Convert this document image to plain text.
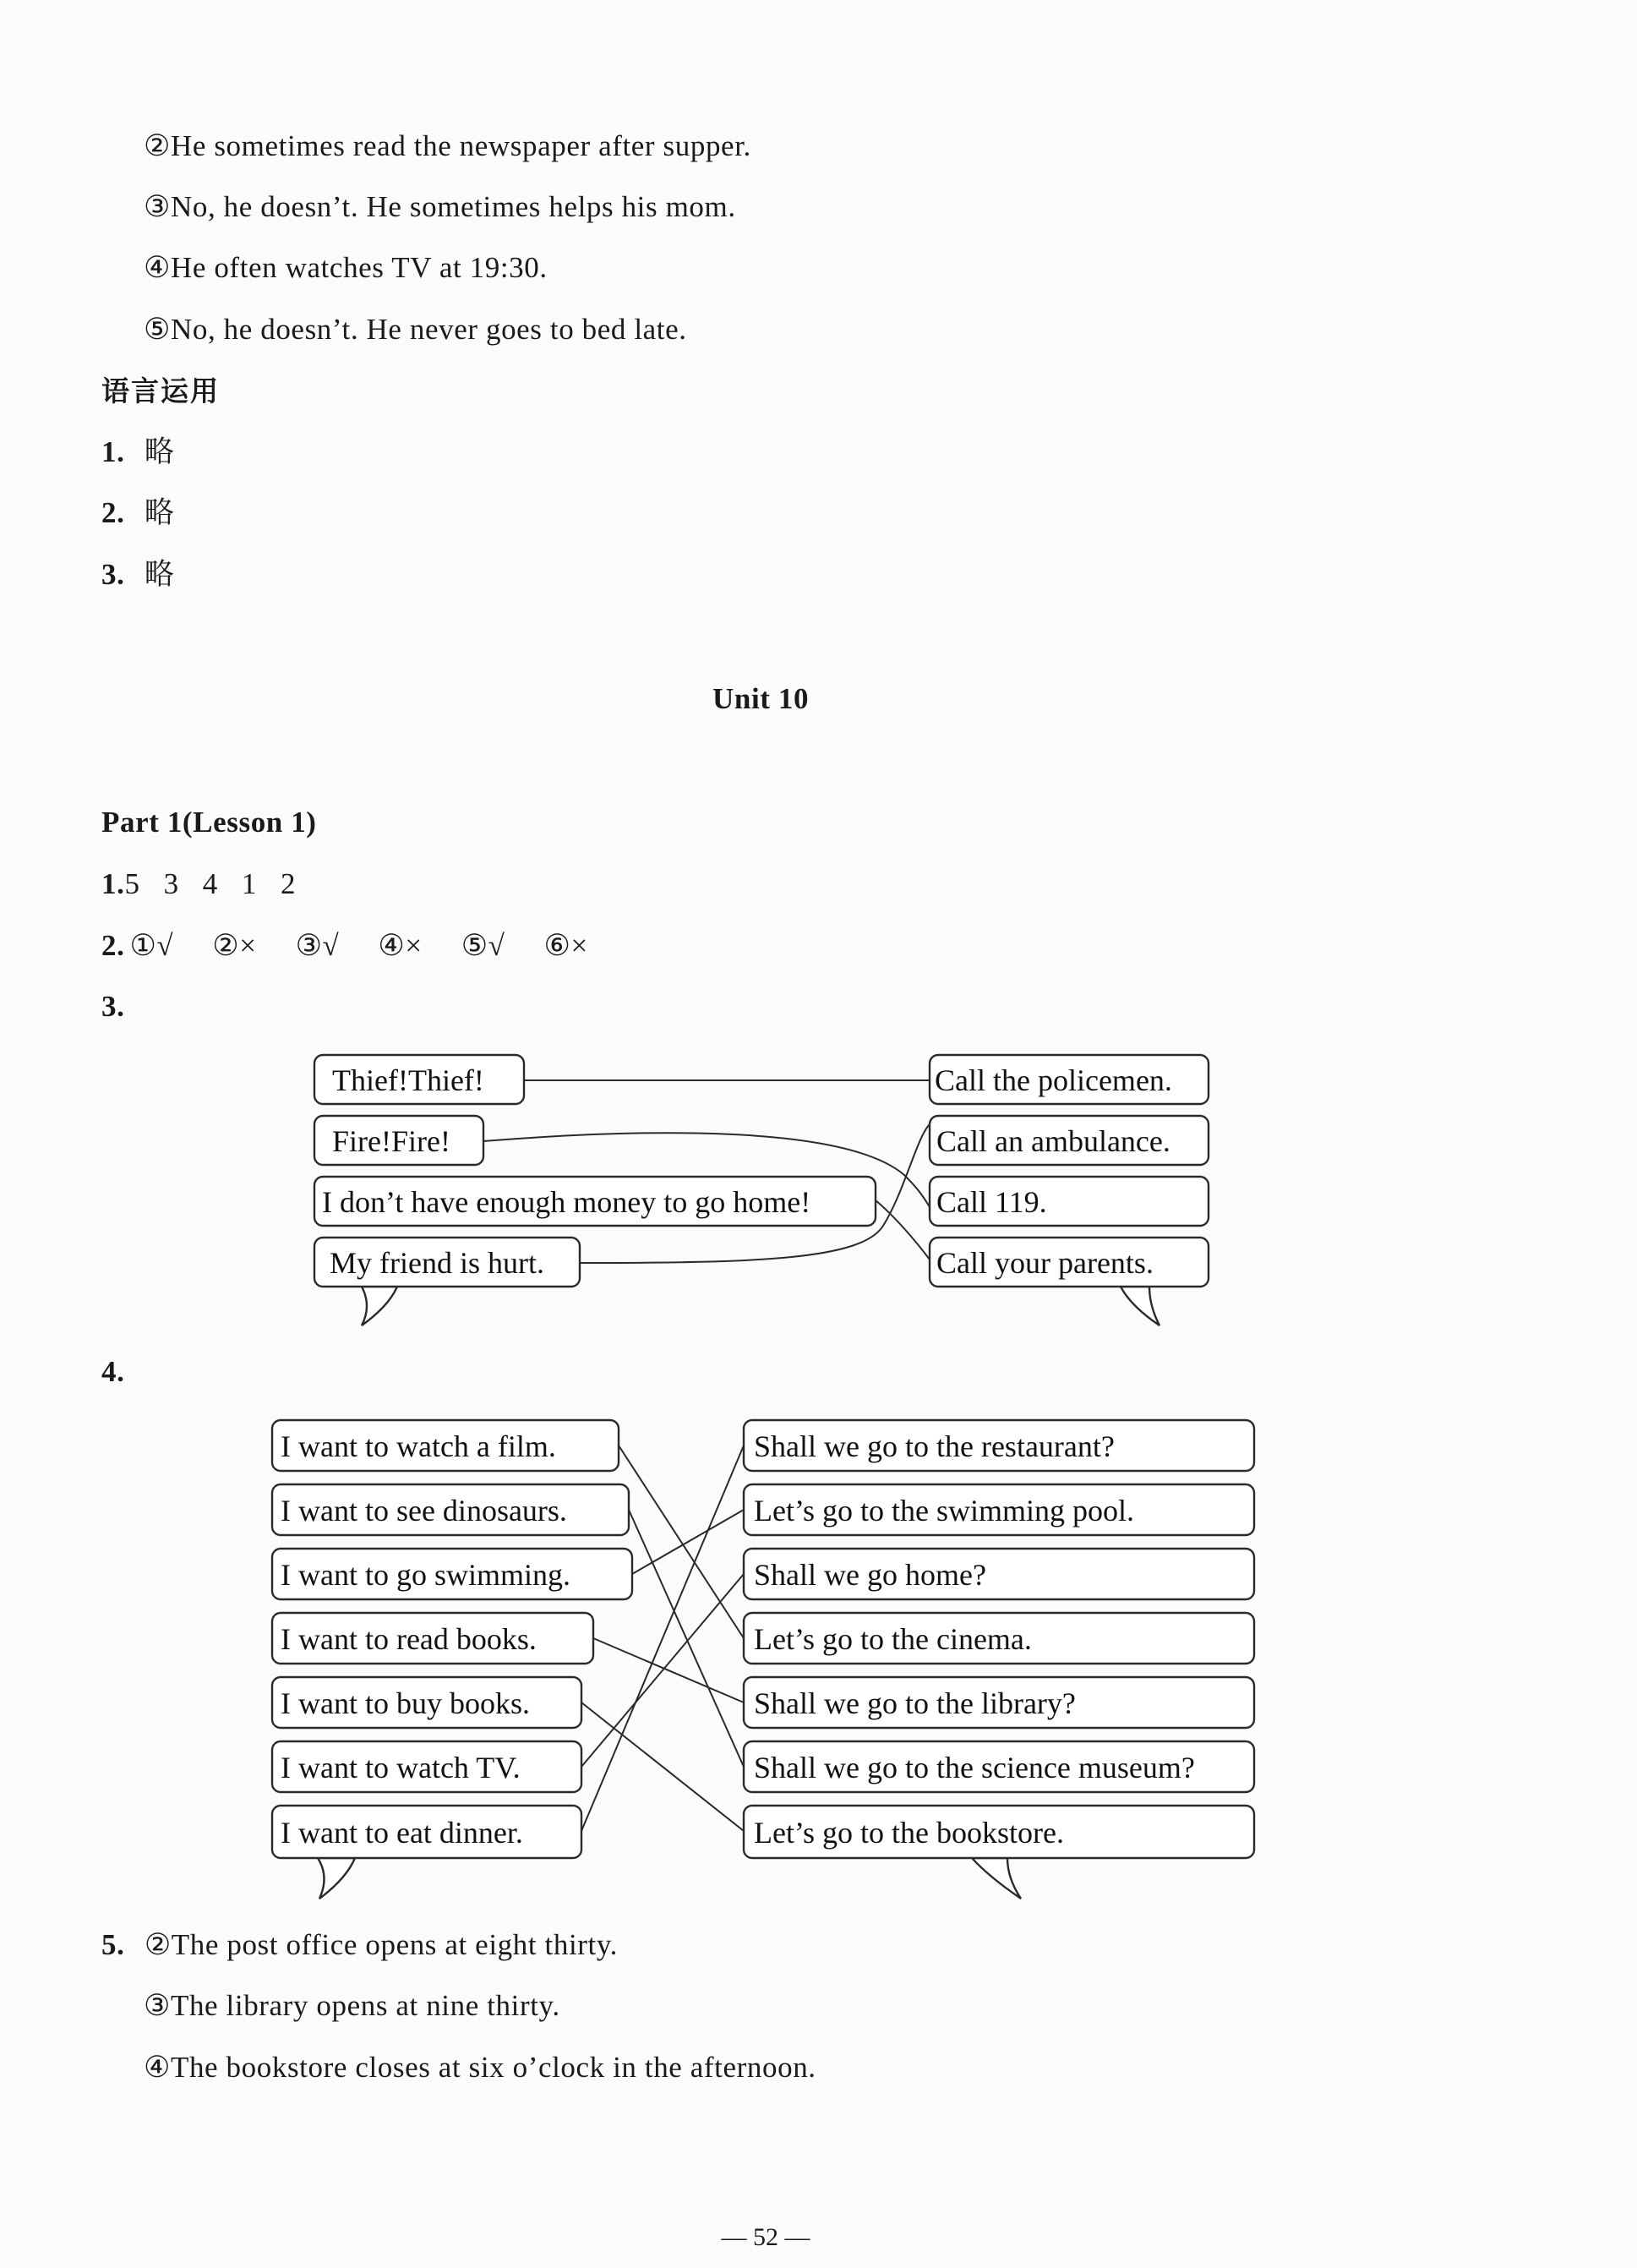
②He sometimes read the newspaper after supper.
③No, he doesn’t. He sometimes helps his mom.
④He often watches TV at 19:30.
⑤No, he doesn’t. He never goes to bed late.
语言运用
1. 略
2. 略
3. 略
Unit 10
Part 1(Lesson 1)
1.5   3   4   1   2
2. ①√ ②× ③√ ④× ⑤√ ⑥×
3.
Thief!Thief!
Fire!Fire!
I don’t have enough money to go home!
My friend is hurt.
Call the policemen.
Call an ambulance.
Call 119.
Call your parents.
4.
I want to watch a film.
I want to see dinosaurs.
I want to go swimming.
I want to read books.
I want to buy books.
I want to watch TV.
I want to eat dinner.
Shall we go to the restaurant?
Let’s go to the swimming pool.
Shall we go home?
Let’s go to the cinema.
Shall we go to the library?
Shall we go to the science museum?
Let’s go to the bookstore.
5. ②The post office opens at eight thirty.
③The library opens at nine thirty.
④The bookstore closes at six o’clock in the afternoon.
— 52 —
